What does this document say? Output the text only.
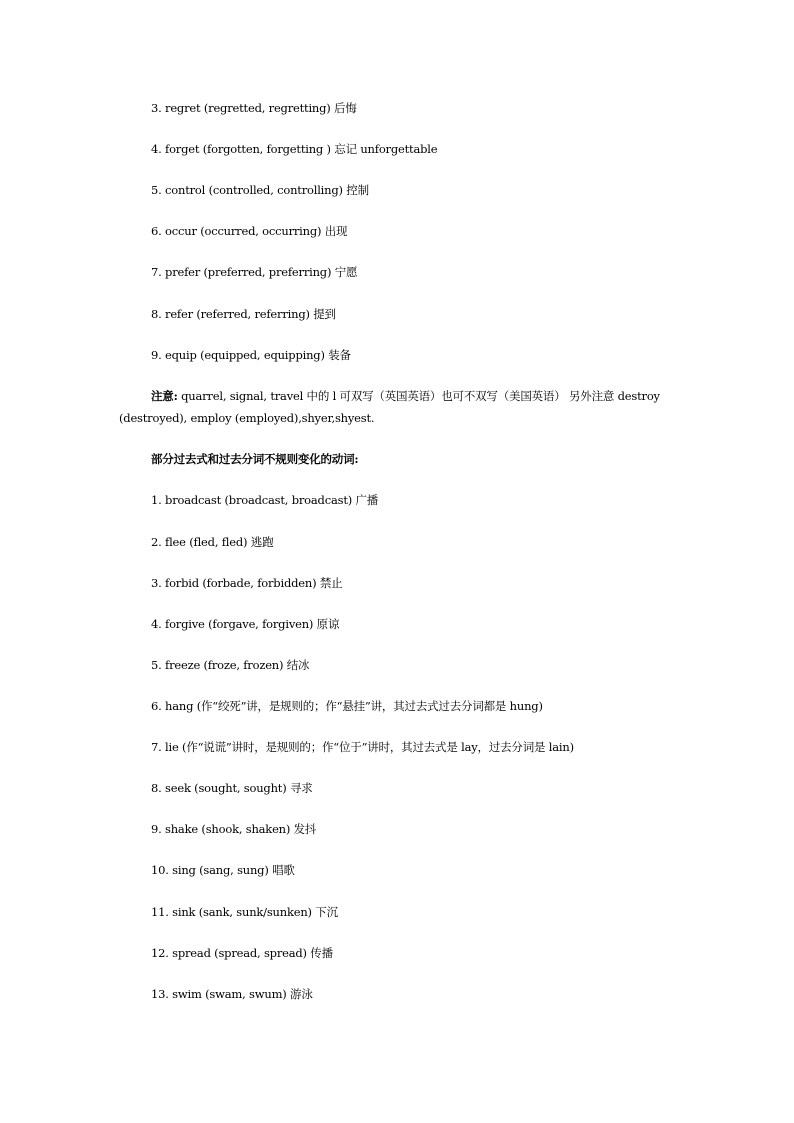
3. regret (regretted, regretting) 后悔
4. forget (forgotten, forgetting ) 忘记 unforgettable
5. control (controlled, controlling) 控制
6. occur (occurred, occurring) 出现
7. prefer (preferred, preferring) 宁愿
8. refer (referred, referring) 提到
9. equip (equipped, equipping) 装备
注意: quarrel, signal, travel 中的 l 可双写（英国英语）也可不双写（美国英语） 另外注意 destroy (destroyed), employ (employed),shyer,shyest.
部分过去式和过去分词不规则变化的动词:
1. broadcast (broadcast, broadcast) 广播
2. flee (fled, fled) 逃跑
3. forbid (forbade, forbidden) 禁止
4. forgive (forgave, forgiven) 原谅
5. freeze (froze, frozen) 结冰
6. hang (作“绞死”讲，是规则的；作“悬挂”讲，其过去式过去分词都是 hung)
7. lie (作“说谎”讲时，是规则的；作“位于”讲时，其过去式是 lay，过去分词是 lain)
8. seek (sought, sought) 寻求
9. shake (shook, shaken) 发抖
10. sing (sang, sung) 唱歌
11. sink (sank, sunk/sunken) 下沉
12. spread (spread, spread) 传播
13. swim (swam, swum) 游泳
